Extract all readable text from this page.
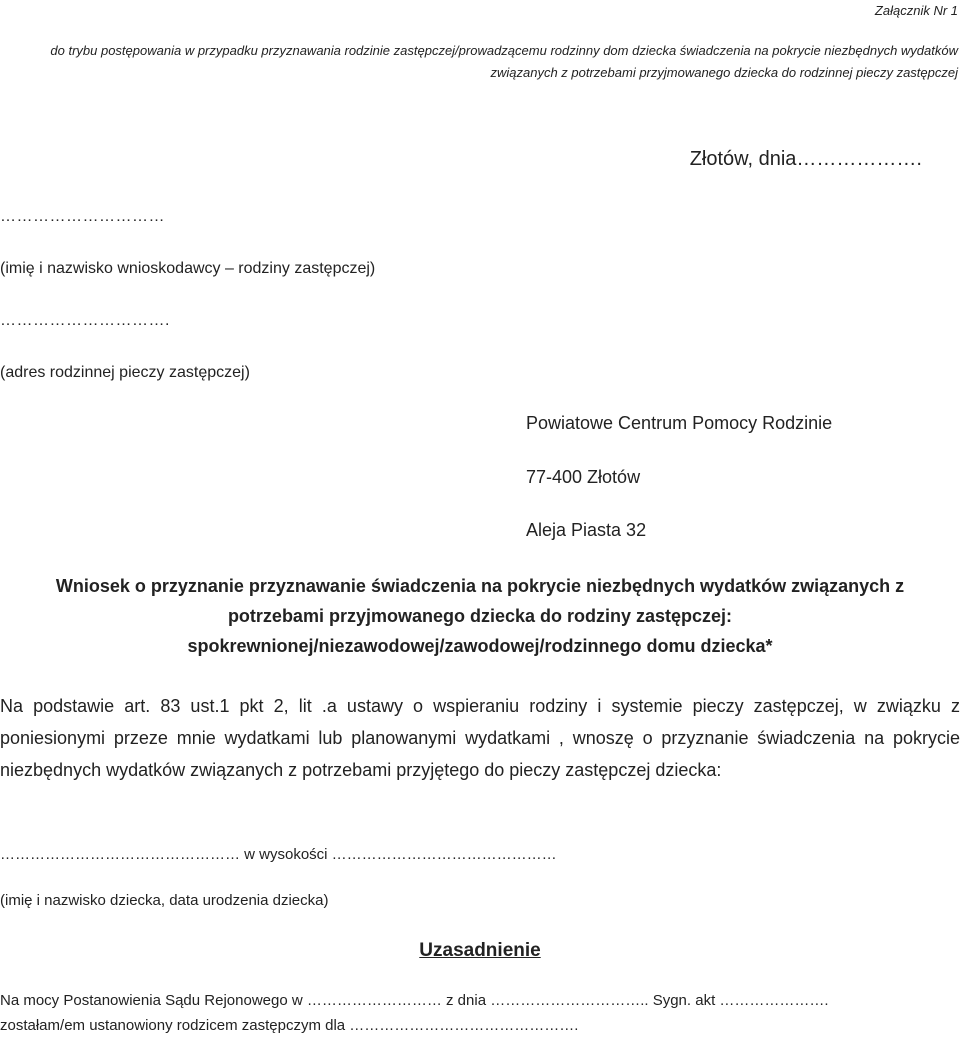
Załącznik Nr 1
do trybu postępowania w przypadku przyznawania rodzinie zastępczej/prowadzącemu rodzinny dom dziecka świadczenia na pokrycie niezbędnych wydatków
związanych z potrzebami przyjmowanego dziecka do rodzinnej pieczy zastępczej
Złotów, dnia……………….
…………………………
(imię i nazwisko wnioskodawcy – rodziny zastępczej)
………………………….
(adres rodzinnej pieczy zastępczej)
Powiatowe Centrum Pomocy Rodzinie
77-400 Złotów
Aleja Piasta 32
Wniosek o przyznanie przyznawanie świadczenia na pokrycie niezbędnych wydatków związanych z
potrzebami przyjmowanego dziecka do rodziny zastępczej:
spokrewnionej/niezawodowej/zawodowej/rodzinnego domu dziecka*
Na podstawie art. 83 ust.1 pkt 2, lit .a ustawy o wspieraniu rodziny i systemie pieczy zastępczej, w związku z poniesionymi przeze mnie wydatkami lub planowanymi wydatkami , wnoszę o przyznanie świadczenia na pokrycie niezbędnych wydatków związanych z potrzebami przyjętego do pieczy zastępczej dziecka:
………………………………………… w wysokości ………………………………………
(imię i nazwisko dziecka, data urodzenia dziecka)
Uzasadnienie
Na mocy Postanowienia Sądu Rejonowego w ……………………… z dnia ………………………….. Sygn. akt ………………….
zostałam/em ustanowiony rodzicem zastępczym dla ……………………………………….
